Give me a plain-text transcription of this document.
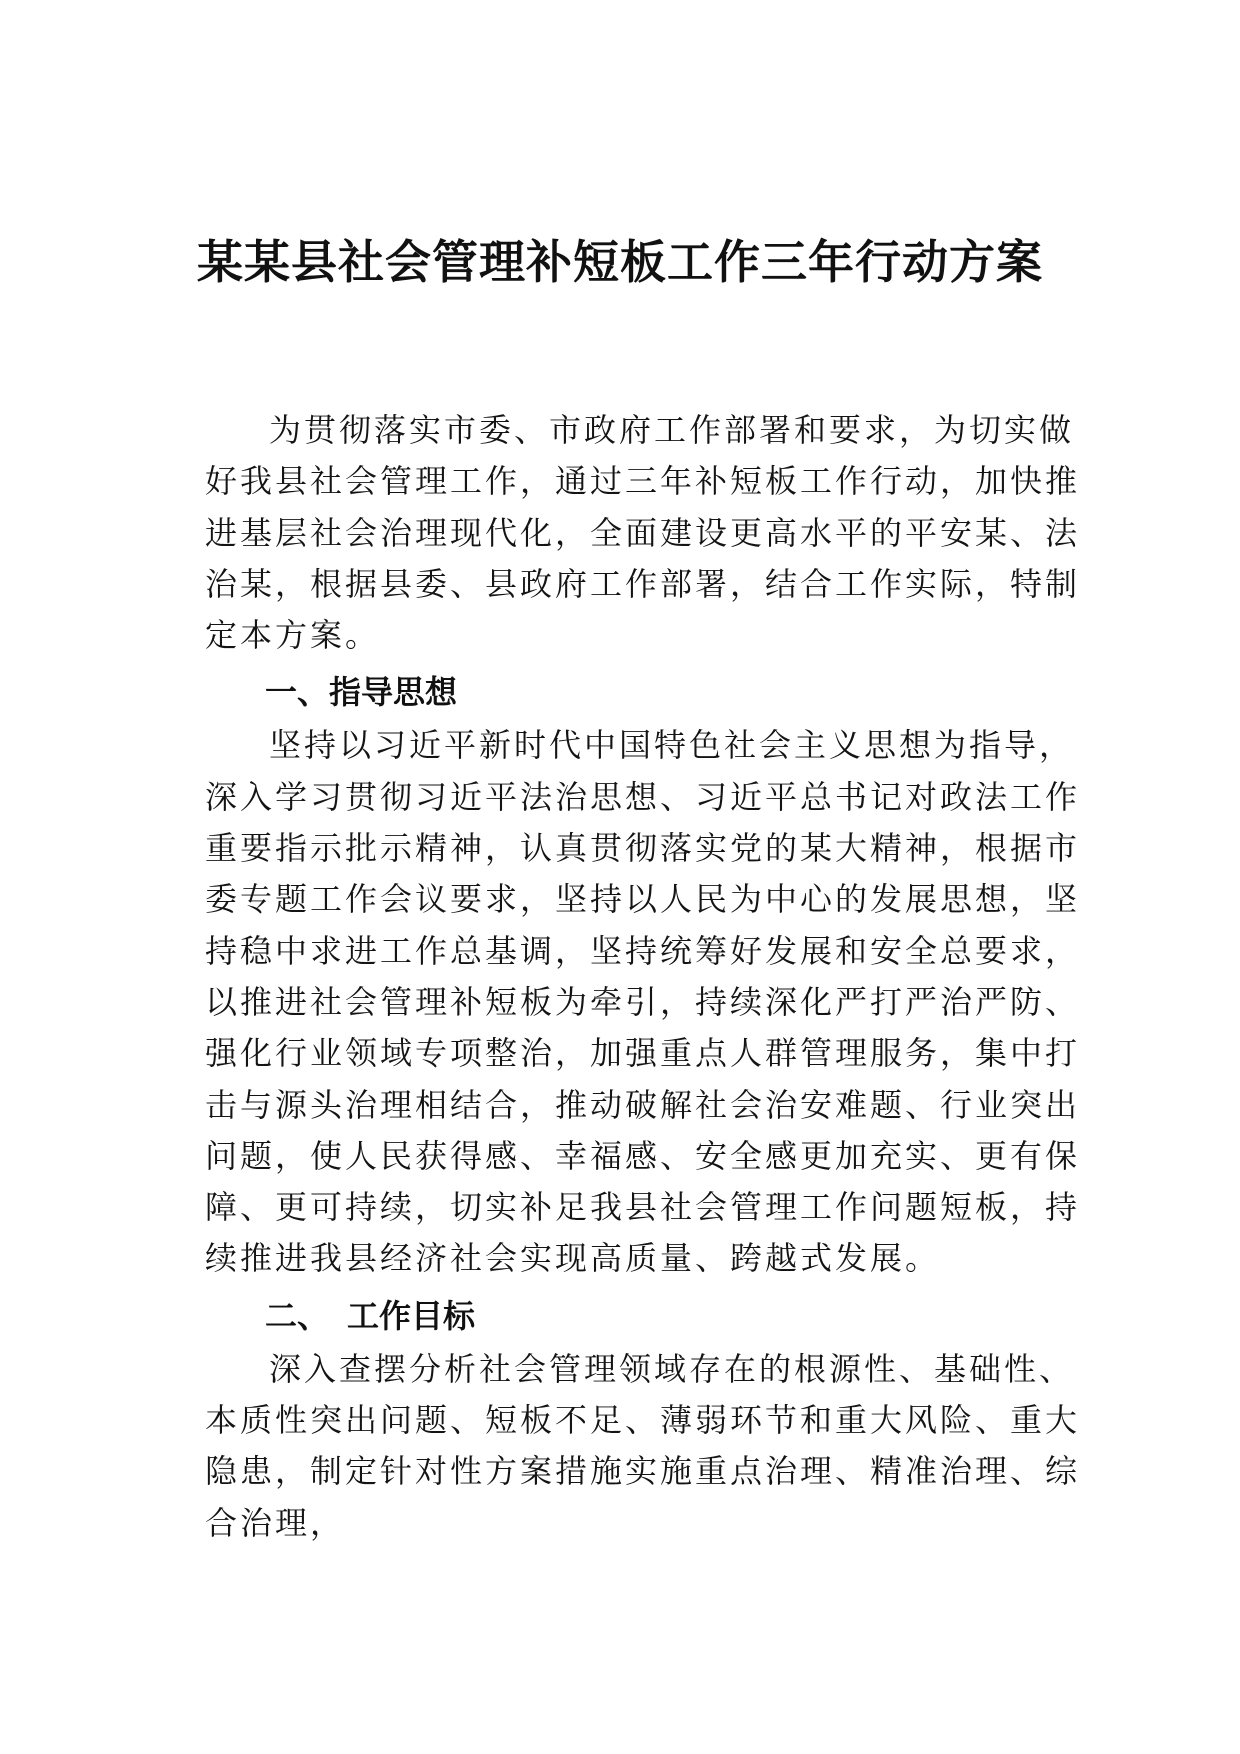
某某县社会管理补短板工作三年行动方案

为贯彻落实市委、市政府工作部署和要求，为切实做好我县社会管理工作，通过三年补短板工作行动，加快推进基层社会治理现代化，全面建设更高水平的平安某、法治某，根据县委、县政府工作部署，结合工作实际，特制定本方案。

一、指导思想

坚持以习近平新时代中国特色社会主义思想为指导，深入学习贯彻习近平法治思想、习近平总书记对政法工作重要指示批示精神，认真贯彻落实党的某大精神，根据市委专题工作会议要求，坚持以人民为中心的发展思想，坚持稳中求进工作总基调，坚持统筹好发展和安全总要求，以推进社会管理补短板为牵引，持续深化严打严治严防、强化行业领域专项整治，加强重点人群管理服务，集中打击与源头治理相结合，推动破解社会治安难题、行业突出问题，使人民获得感、幸福感、安全感更加充实、更有保障、更可持续，切实补足我县社会管理工作问题短板，持续推进我县经济社会实现高质量、跨越式发展。

二、 工作目标

深入查摆分析社会管理领域存在的根源性、基础性、本质性突出问题、短板不足、薄弱环节和重大风险、重大隐患，制定针对性方案措施实施重点治理、精准治理、综合治理，
